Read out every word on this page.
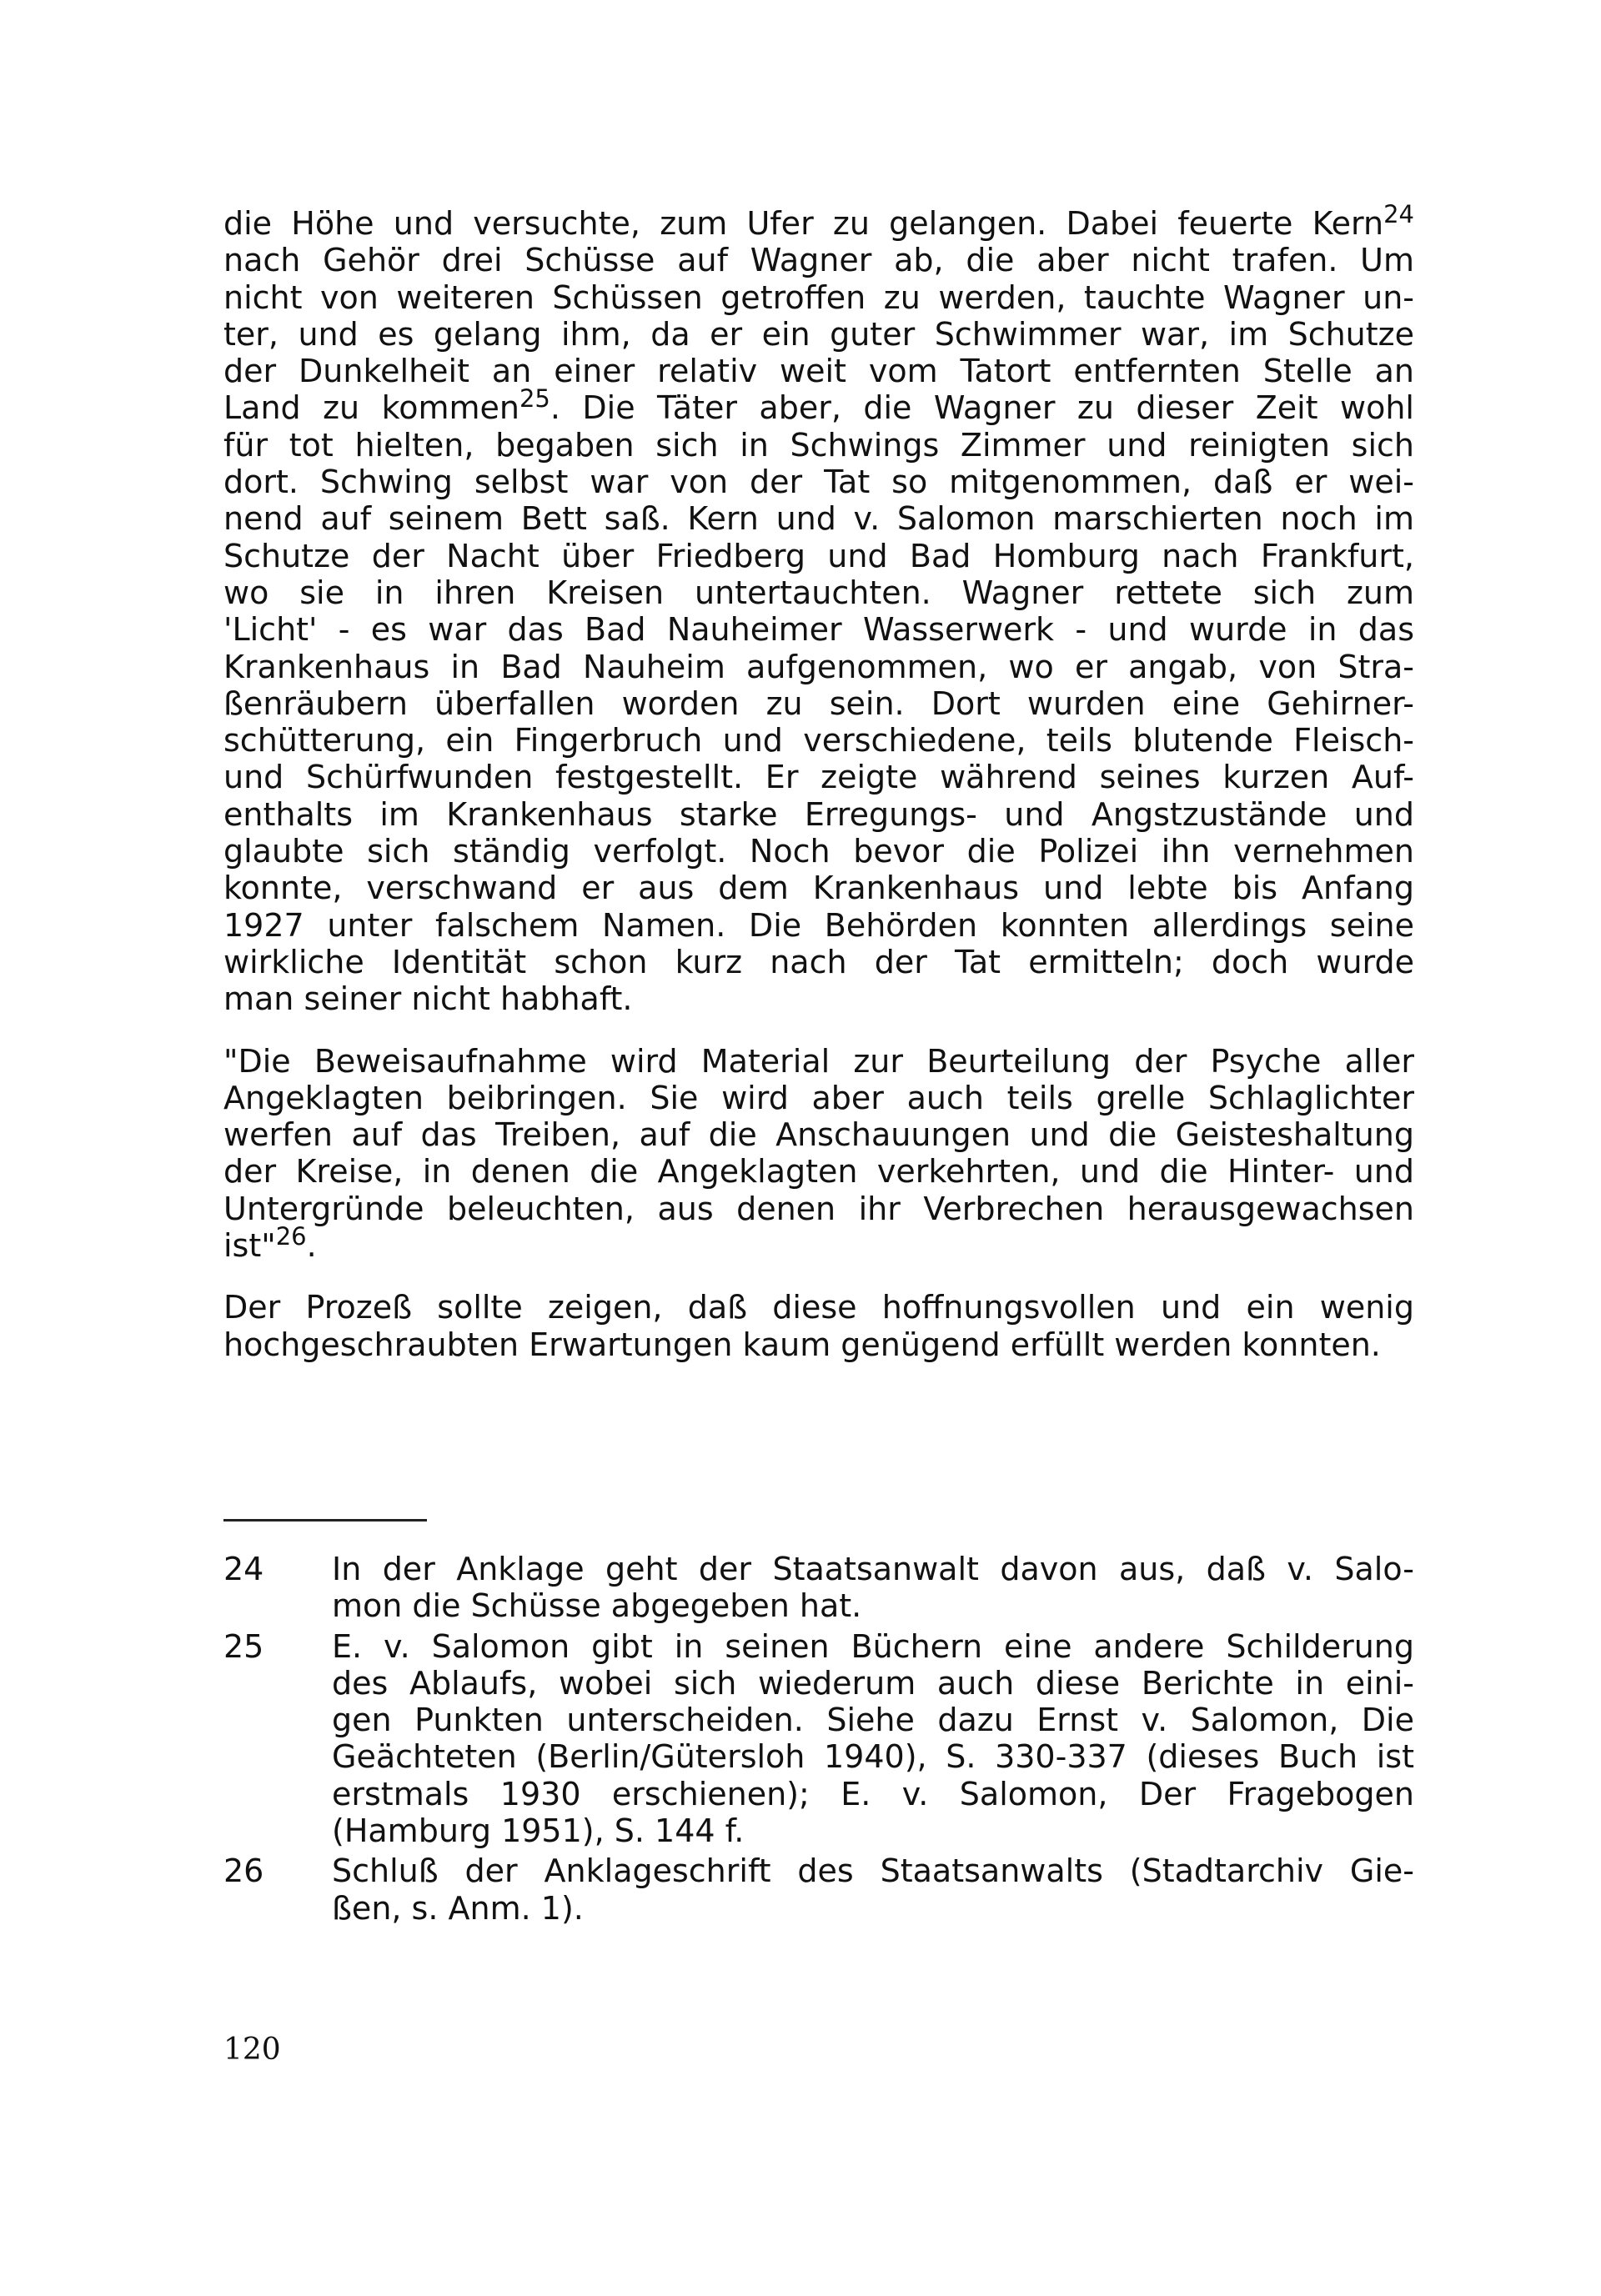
die Höhe und versuchte, zum Ufer zu gelangen. Dabei feuerte Kern$^{24}$
nach Gehör drei Schüsse auf Wagner ab, die aber nicht trafen. Um
nicht von weiteren Schüssen getroffen zu werden, tauchte Wagner un-
ter, und es gelang ihm, da er ein guter Schwimmer war, im Schutze
der Dunkelheit an einer relativ weit vom Tatort entfernten Stelle an
Land zu kommen$^{25}$. Die Täter aber, die Wagner zu dieser Zeit wohl
für tot hielten, begaben sich in Schwings Zimmer und reinigten sich
dort. Schwing selbst war von der Tat so mitgenommen, daß er wei-
nend auf seinem Bett saß. Kern und v. Salomon marschierten noch im
Schutze der Nacht über Friedberg und Bad Homburg nach Frankfurt,
wo sie in ihren Kreisen untertauchten. Wagner rettete sich zum
'Licht' - es war das Bad Nauheimer Wasserwerk - und wurde in das
Krankenhaus in Bad Nauheim aufgenommen, wo er angab, von Stra-
ßenräubern überfallen worden zu sein. Dort wurden eine Gehirner-
schütterung, ein Fingerbruch und verschiedene, teils blutende Fleisch-
und Schürfwunden festgestellt. Er zeigte während seines kurzen Auf-
enthalts im Krankenhaus starke Erregungs- und Angstzustände und
glaubte sich ständig verfolgt. Noch bevor die Polizei ihn vernehmen
konnte, verschwand er aus dem Krankenhaus und lebte bis Anfang
1927 unter falschem Namen. Die Behörden konnten allerdings seine
wirkliche Identität schon kurz nach der Tat ermitteln; doch wurde
man seiner nicht habhaft.
"Die Beweisaufnahme wird Material zur Beurteilung der Psyche aller
Angeklagten beibringen. Sie wird aber auch teils grelle Schlaglichter
werfen auf das Treiben, auf die Anschauungen und die Geisteshaltung
der Kreise, in denen die Angeklagten verkehrten, und die Hinter- und
Untergründe beleuchten, aus denen ihr Verbrechen herausgewachsen
ist"$^{26}$.
Der Prozeß sollte zeigen, daß diese hoffnungsvollen und ein wenig
hochgeschraubten Erwartungen kaum genügend erfüllt werden konnten.
24	In der Anklage geht der Staatsanwalt davon aus, daß v. Salo-
mon die Schüsse abgegeben hat.
25	E. v. Salomon gibt in seinen Büchern eine andere Schilderung
des Ablaufs, wobei sich wiederum auch diese Berichte in eini-
gen Punkten unterscheiden. Siehe dazu Ernst v. Salomon, Die
Geächteten (Berlin/Gütersloh 1940), S. 330-337 (dieses Buch ist
erstmals 1930 erschienen); E. v. Salomon, Der Fragebogen
(Hamburg 1951), S. 144 f.
26	Schluß der Anklageschrift des Staatsanwalts (Stadtarchiv Gie-
ßen, s. Anm. 1).
120
